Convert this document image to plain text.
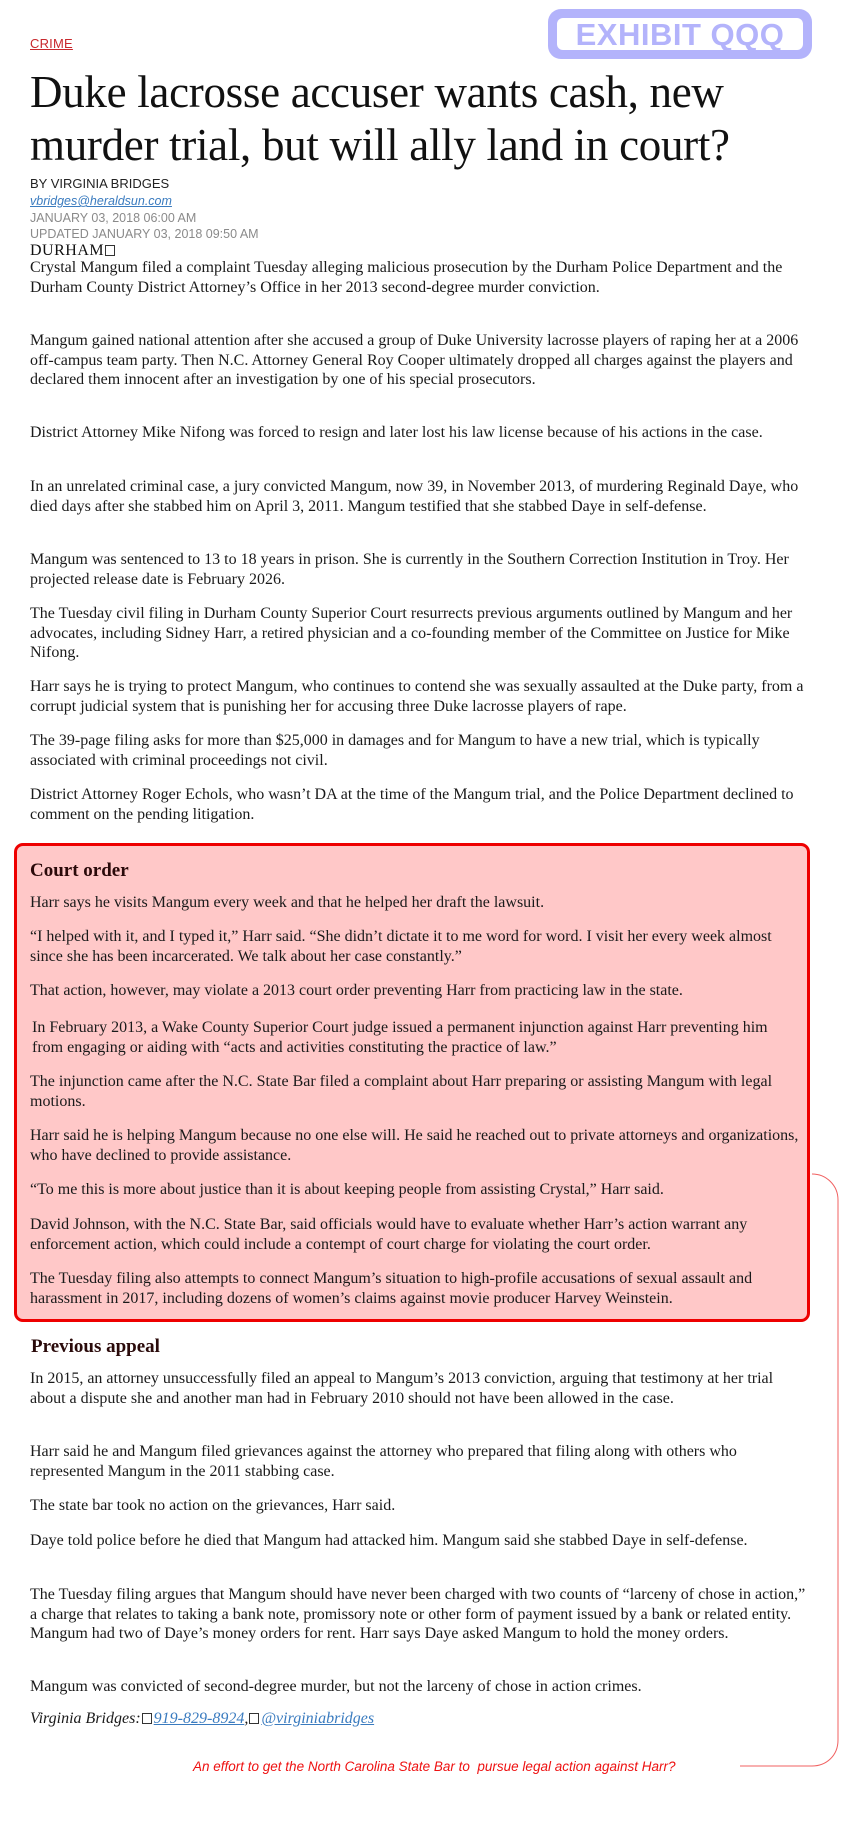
CRIME	EXHIBIT QQQ
Duke lacrosse accuser wants cash, new murder trial, but will ally land in court?
BY VIRGINIA BRIDGES
vbridges@heraldsun.com
JANUARY 03, 2018 06:00 AM
UPDATED JANUARY 03, 2018 09:50 AM
DURHAM

Crystal Mangum filed a complaint Tuesday alleging malicious prosecution by the Durham Police Department and the Durham County District Attorney’s Office in her 2013 second-degree murder conviction.

Mangum gained national attention after she accused a group of Duke University lacrosse players of raping her at a 2006 off-campus team party. Then N.C. Attorney General Roy Cooper ultimately dropped all charges against the players and declared them innocent after an investigation by one of his special prosecutors.

District Attorney Mike Nifong was forced to resign and later lost his law license because of his actions in the case.

In an unrelated criminal case, a jury convicted Mangum, now 39, in November 2013, of murdering Reginald Daye, who died days after she stabbed him on April 3, 2011. Mangum testified that she stabbed Daye in self-defense.

Mangum was sentenced to 13 to 18 years in prison. She is currently in the Southern Correction Institution in Troy. Her projected release date is February 2026.

The Tuesday civil filing in Durham County Superior Court resurrects previous arguments outlined by Mangum and her advocates, including Sidney Harr, a retired physician and a co-founding member of the Committee on Justice for Mike Nifong.

Harr says he is trying to protect Mangum, who continues to contend she was sexually assaulted at the Duke party, from a corrupt judicial system that is punishing her for accusing three Duke lacrosse players of rape.

The 39-page filing asks for more than $25,000 in damages and for Mangum to have a new trial, which is typically associated with criminal proceedings not civil.

District Attorney Roger Echols, who wasn’t DA at the time of the Mangum trial, and the Police Department declined to comment on the pending litigation.

Court order

Harr says he visits Mangum every week and that he helped her draft the lawsuit.

“I helped with it, and I typed it,” Harr said. “She didn’t dictate it to me word for word. I visit her every week almost since she has been incarcerated. We talk about her case constantly.”

That action, however, may violate a 2013 court order preventing Harr from practicing law in the state.

In February 2013, a Wake County Superior Court judge issued a permanent injunction against Harr preventing him from engaging or aiding with “acts and activities constituting the practice of law.”

The injunction came after the N.C. State Bar filed a complaint about Harr preparing or assisting Mangum with legal motions.

Harr said he is helping Mangum because no one else will. He said he reached out to private attorneys and organizations, who have declined to provide assistance.

“To me this is more about justice than it is about keeping people from assisting Crystal,” Harr said.

David Johnson, with the N.C. State Bar, said officials would have to evaluate whether Harr’s action warrant any enforcement action, which could include a contempt of court charge for violating the court order.

The Tuesday filing also attempts to connect Mangum’s situation to high-profile accusations of sexual assault and harassment in 2017, including dozens of women’s claims against movie producer Harvey Weinstein.

Previous appeal

In 2015, an attorney unsuccessfully filed an appeal to Mangum’s 2013 conviction, arguing that testimony at her trial about a dispute she and another man had in February 2010 should not have been allowed in the case.

Harr said he and Mangum filed grievances against the attorney who prepared that filing along with others who represented Mangum in the 2011 stabbing case.

The state bar took no action on the grievances, Harr said.

Daye told police before he died that Mangum had attacked him. Mangum said she stabbed Daye in self-defense.

The Tuesday filing argues that Mangum should have never been charged with two counts of “larceny of chose in action,” a charge that relates to taking a bank note, promissory note or other form of payment issued by a bank or related entity. Mangum had two of Daye’s money orders for rent. Harr says Daye asked Mangum to hold the money orders.

Mangum was convicted of second-degree murder, but not the larceny of chose in action crimes.

Virginia Bridges: 919-829-8924, @virginiabridges
An effort to get the North Carolina State Bar to  pursue legal action against Harr?
